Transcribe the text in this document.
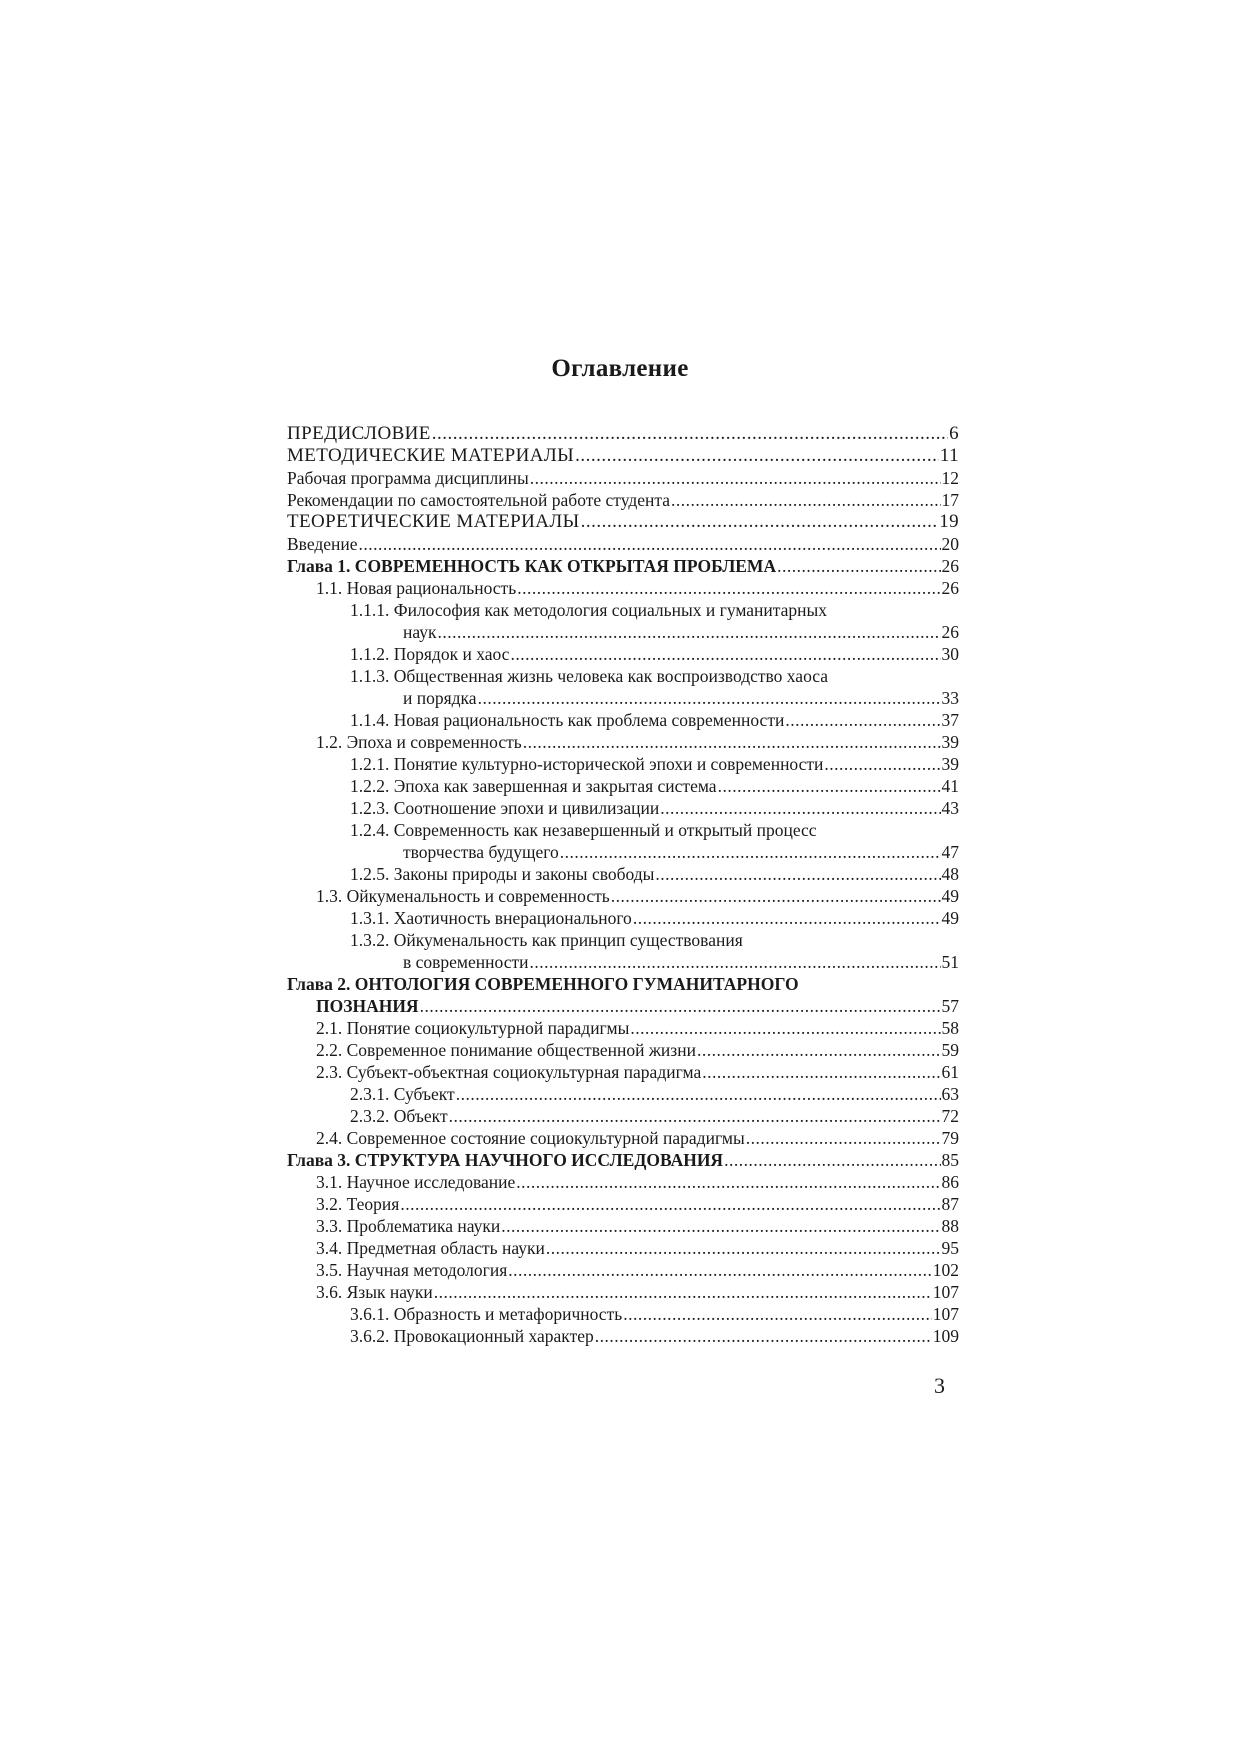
Оглавление
ПРЕДИСЛОВИЕ .....	6
МЕТОДИЧЕСКИЕ МАТЕРИАЛЫ .....	11
Рабочая программа дисциплины .....	12
Рекомендации по самостоятельной работе студента .....	17
ТЕОРЕТИЧЕСКИЕ МАТЕРИАЛЫ .....	19
Введение .....	20
Глава 1. СОВРЕМЕННОСТЬ КАК ОТКРЫТАЯ ПРОБЛЕМА .....	26
1.1. Новая рациональность .....	26
1.1.1. Философия как методология социальных и гуманитарных
наук .....	26
1.1.2. Порядок и хаос .....	30
1.1.3. Общественная жизнь человека как воспроизводство хаоса
и порядка .....	33
1.1.4. Новая рациональность как проблема современности .....	37
1.2. Эпоха и современность .....	39
1.2.1. Понятие культурно-исторической эпохи и современности .....	39
1.2.2. Эпоха как завершенная и закрытая система .....	41
1.2.3. Соотношение эпохи и цивилизации .....	43
1.2.4. Современность как незавершенный и открытый процесс
творчества будущего .....	47
1.2.5. Законы природы и законы свободы .....	48
1.3. Ойкуменальность и современность .....	49
1.3.1. Хаотичность внерационального .....	49
1.3.2. Ойкуменальность как принцип существования
в современности .....	51
Глава 2. ОНТОЛОГИЯ СОВРЕМЕННОГО ГУМАНИТАРНОГО
ПОЗНАНИЯ .....	57
2.1. Понятие социокультурной парадигмы .....	58
2.2. Современное понимание общественной жизни .....	59
2.3. Субъект-объектная социокультурная парадигма .....	61
2.3.1. Субъект .....	63
2.3.2. Объект .....	72
2.4. Современное состояние социокультурной парадигмы .....	79
Глава 3. СТРУКТУРА НАУЧНОГО ИССЛЕДОВАНИЯ .....	85
3.1. Научное исследование .....	86
3.2. Теория .....	87
3.3. Проблематика науки .....	88
3.4. Предметная область науки .....	95
3.5. Научная методология .....	102
3.6. Язык науки .....	107
3.6.1. Образность и метафоричность .....	107
3.6.2. Провокационный характер .....	109
3
